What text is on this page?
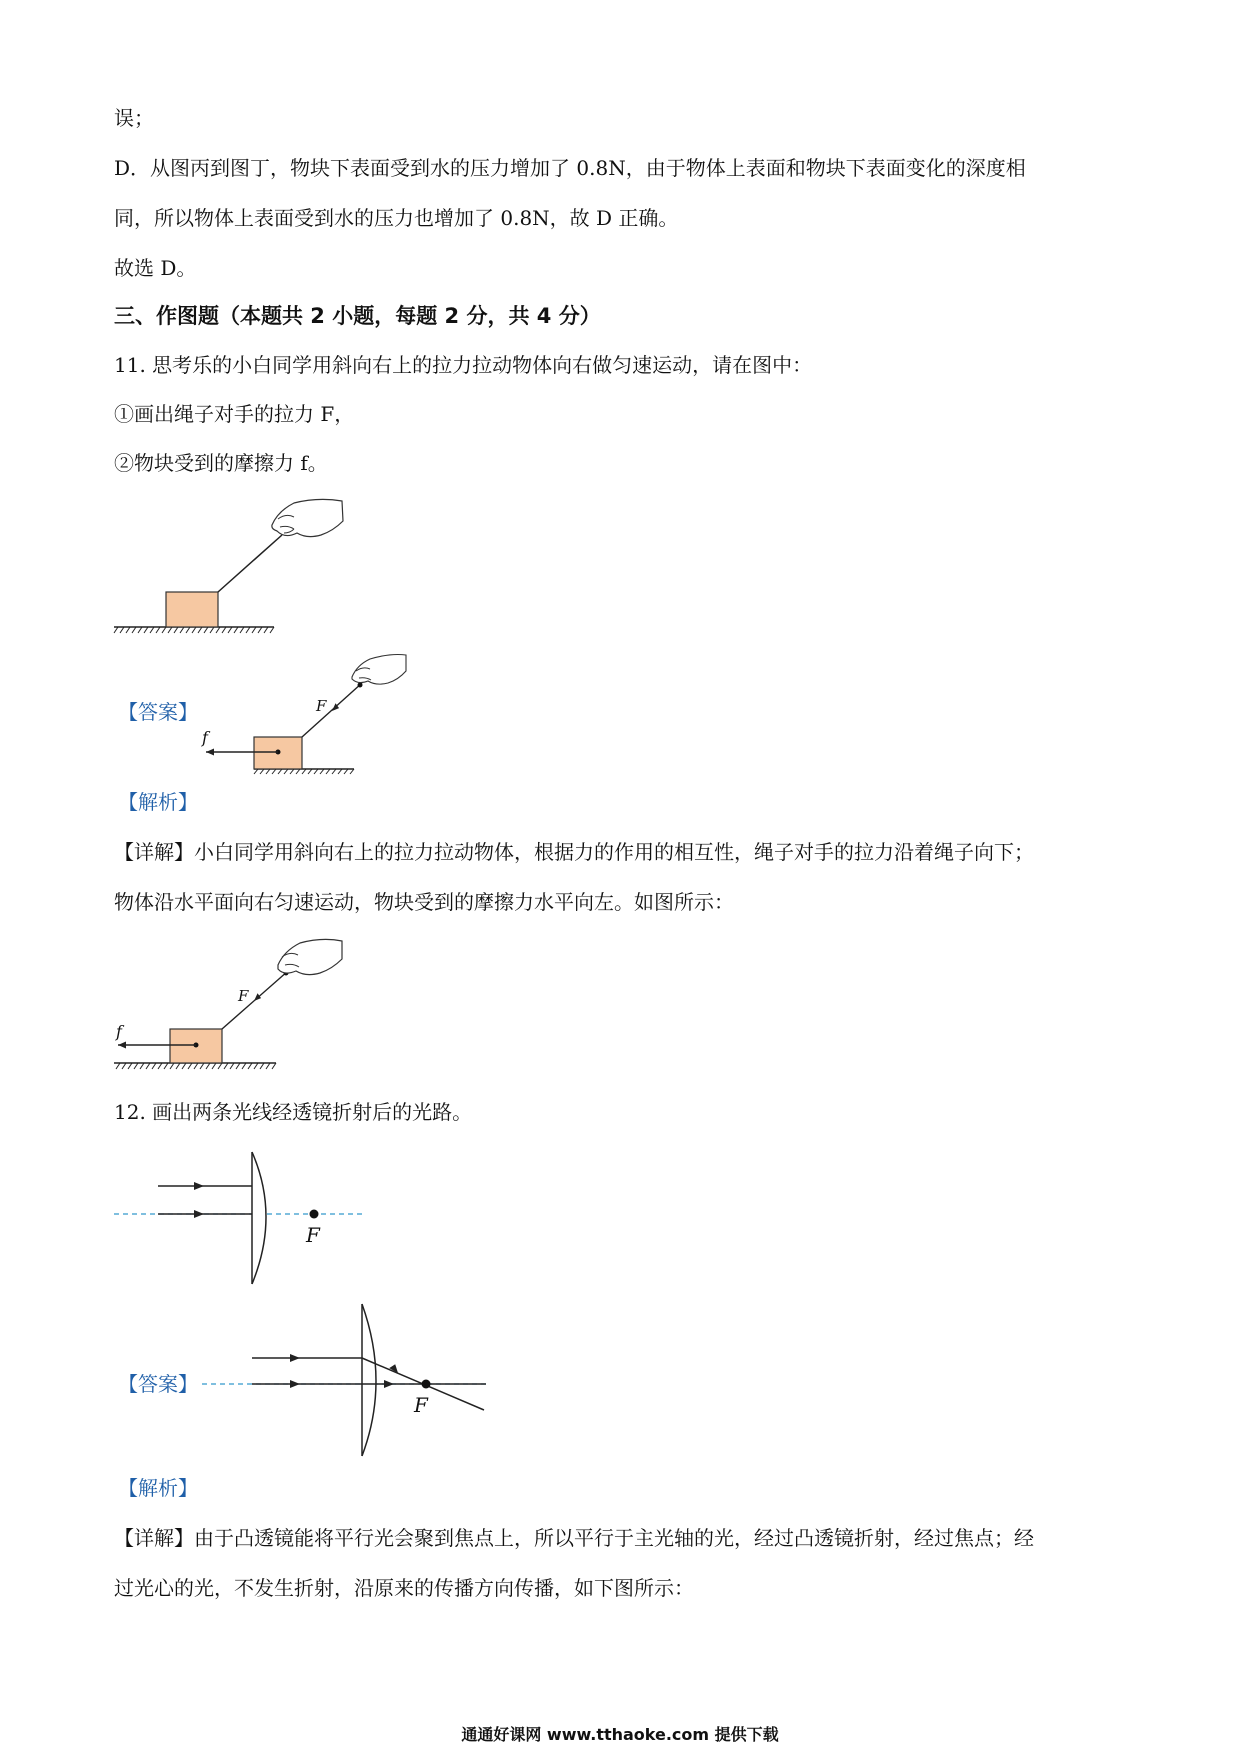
误；
D．从图丙到图丁，物块下表面受到水的压力增加了 0.8N，由于物体上表面和物块下表面变化的深度相
同，所以物体上表面受到水的压力也增加了 0.8N，故 D 正确。
故选 D。
三、作图题（本题共 2 小题，每题 2 分，共 4 分）
11. 思考乐的小白同学用斜向右上的拉力拉动物体向右做匀速运动，请在图中：
①画出绳子对手的拉力 F，
②物块受到的摩擦力 f。
【答案】
f
F
【解析】
【详解】小白同学用斜向右上的拉力拉动物体，根据力的作用的相互性，绳子对手的拉力沿着绳子向下；
物体沿水平面向右匀速运动，物块受到的摩擦力水平向左。如图所示：
f
F
12. 画出两条光线经透镜折射后的光路。
F
【答案】
F
【解析】
【详解】由于凸透镜能将平行光会聚到焦点上，所以平行于主光轴的光，经过凸透镜折射，经过焦点；经
过光心的光，不发生折射，沿原来的传播方向传播，如下图所示：
通通好课网 www.tthaoke.com 提供下载
